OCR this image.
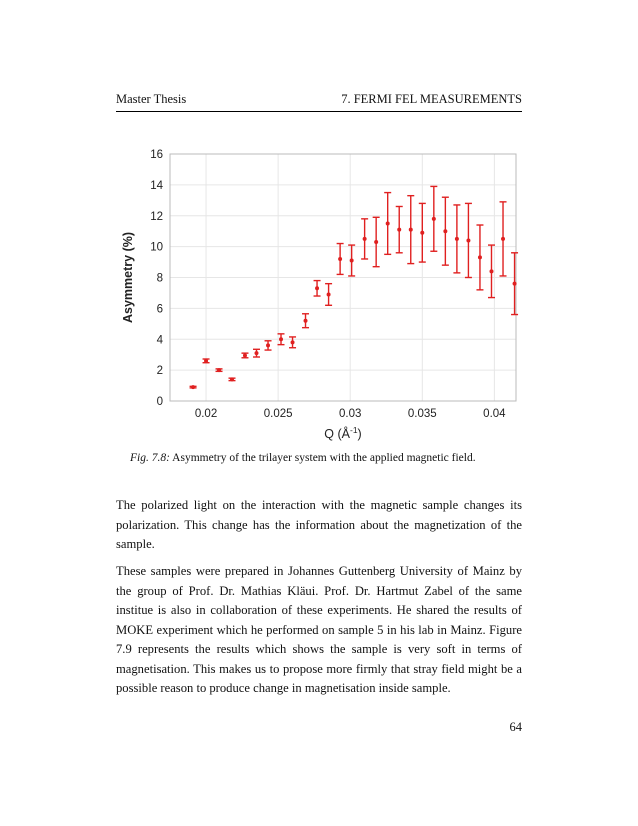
Master Thesis	7. FERMI FEL MEASUREMENTS
0
2
4
6
8
10
12
14
16
0.02	0.025	0.03	0.035	0.04
Q $(Å^{-1})$
Asymmetry (%)
Fig. 7.8: Asymmetry of the trilayer system with the applied magnetic field.

The polarized light on the interaction with the magnetic sample changes its polarization. This change has the information about the magnetization of the sample.

These samples were prepared in Johannes Guttenberg University of Mainz by the group of Prof. Dr. Mathias Kläui. Prof. Dr. Hartmut Zabel of the same institue is also in collaboration of these experiments. He shared the results of MOKE experiment which he performed on sample 5 in his lab in Mainz. Figure 7.9 represents the results which shows the sample is very soft in terms of magnetisation. This makes us to propose more firmly that stray field might be a possible reason to produce change in magnetisation inside sample.

64
